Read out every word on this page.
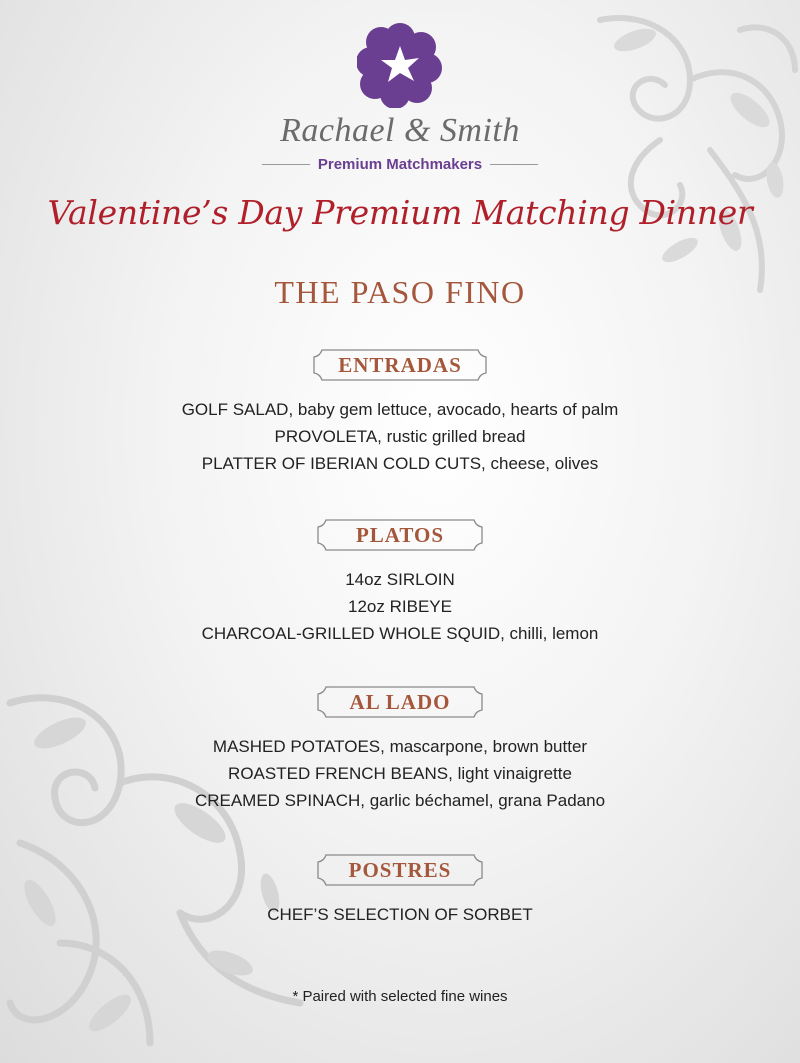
Rachael & Smith
Premium Matchmakers
Valentine’s Day Premium Matching Dinner
THE PASO FINO
ENTRADAS
GOLF SALAD, baby gem lettuce, avocado, hearts of palm
PROVOLETA, rustic grilled bread
PLATTER OF IBERIAN COLD CUTS, cheese, olives
PLATOS
14oz SIRLOIN
12oz RIBEYE
CHARCOAL-GRILLED WHOLE SQUID, chilli, lemon
AL LADO
MASHED POTATOES, mascarpone, brown butter
ROASTED FRENCH BEANS, light vinaigrette
CREAMED SPINACH, garlic béchamel, grana Padano
POSTRES
CHEF’S SELECTION OF SORBET
* Paired with selected fine wines
